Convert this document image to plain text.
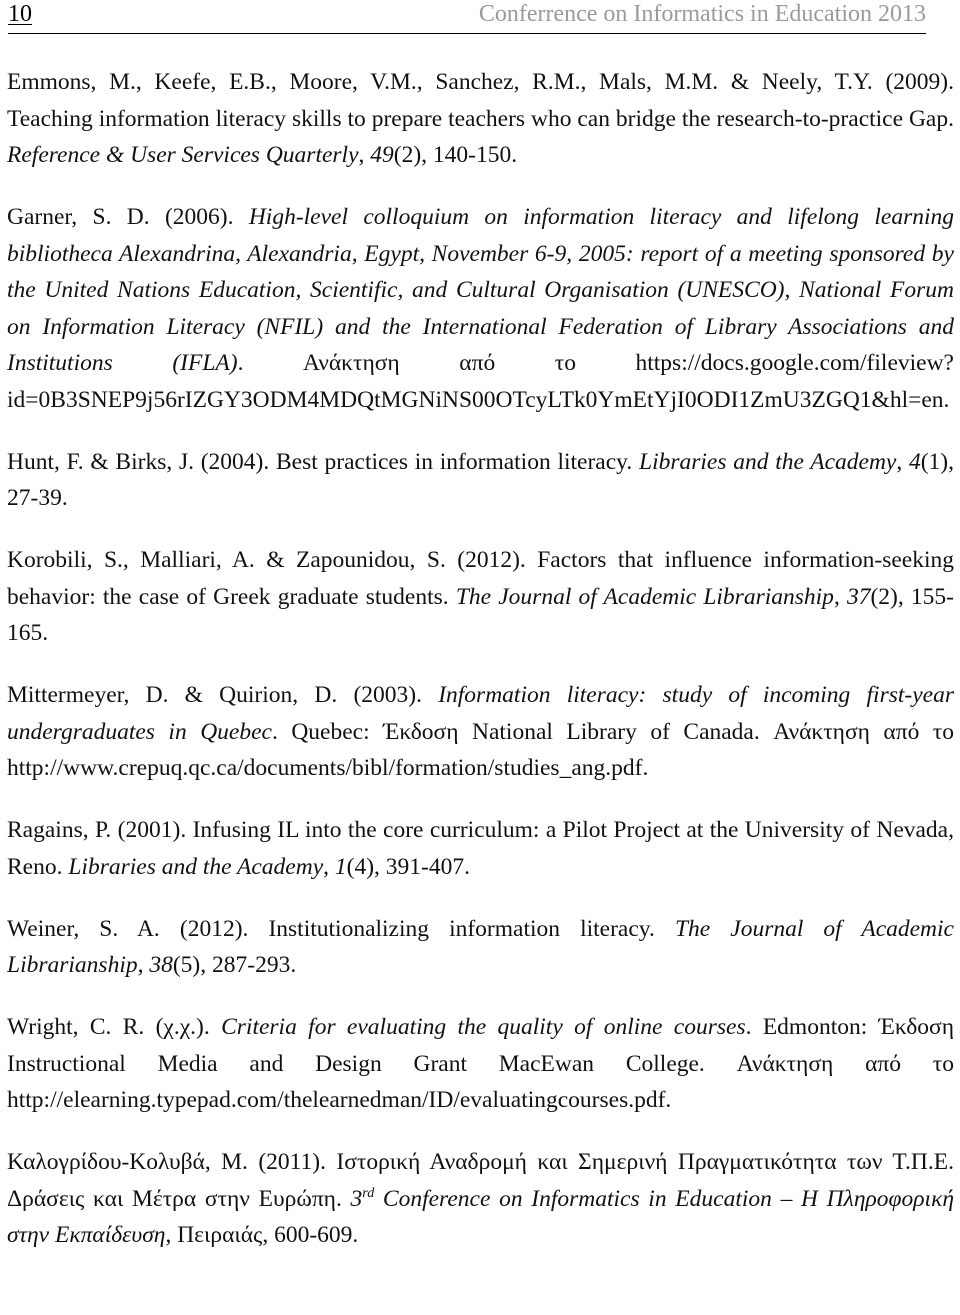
10	Conferrence on Informatics in Education 2013

Emmons, M., Keefe, E.B., Moore, V.M., Sanchez, R.M., Mals, M.M. & Neely, T.Y. (2009). Teaching information literacy skills to prepare teachers who can bridge the research-to-practice Gap. Reference & User Services Quarterly, 49(2), 140-150.

Garner, S. D. (2006). High-level colloquium on information literacy and lifelong learning bibliotheca Alexandrina, Alexandria, Egypt, November 6-9, 2005: report of a meeting sponsored by the United Nations Education, Scientific, and Cultural Organisation (UNESCO), National Forum on Information Literacy (NFIL) and the International Federation of Library Associations and Institutions (IFLA). Ανάκτηση από το https://docs.google.com/fileview?id=0B3SNEP9j56rIZGY3ODM4MDQtMGNiNS00OTcyLTk0YmEtYjI0ODI1ZmU3ZGQ1&hl=en.

Hunt, F. & Birks, J. (2004). Best practices in information literacy. Libraries and the Academy, 4(1), 27-39.

Korobili, S., Malliari, A. & Zapounidou, S. (2012). Factors that influence information-seeking behavior: the case of Greek graduate students. The Journal of Academic Librarianship, 37(2), 155-165.

Mittermeyer, D. & Quirion, D. (2003). Information literacy: study of incoming first-year undergraduates in Quebec. Quebec: Έκδοση National Library of Canada. Ανάκτηση από το http://www.crepuq.qc.ca/documents/bibl/formation/studies_ang.pdf.

Ragains, P. (2001). Infusing IL into the core curriculum: a Pilot Project at the University of Nevada, Reno. Libraries and the Academy, 1(4), 391-407.

Weiner, S. A. (2012). Institutionalizing information literacy. The Journal of Academic Librarianship, 38(5), 287-293.

Wright, C. R. (χ.χ.). Criteria for evaluating the quality of online courses. Edmonton: Έκδοση Instructional Media and Design Grant MacEwan College. Ανάκτηση από το http://elearning.typepad.com/thelearnedman/ID/evaluatingcourses.pdf.

Καλογρίδου-Κολυβά, Μ. (2011). Ιστορική Αναδρομή και Σημερινή Πραγματικότητα των Τ.Π.Ε. Δράσεις και Μέτρα στην Ευρώπη. 3rd Conference on Informatics in Education – Η Πληροφορική στην Εκπαίδευση, Πειραιάς, 600-609.
